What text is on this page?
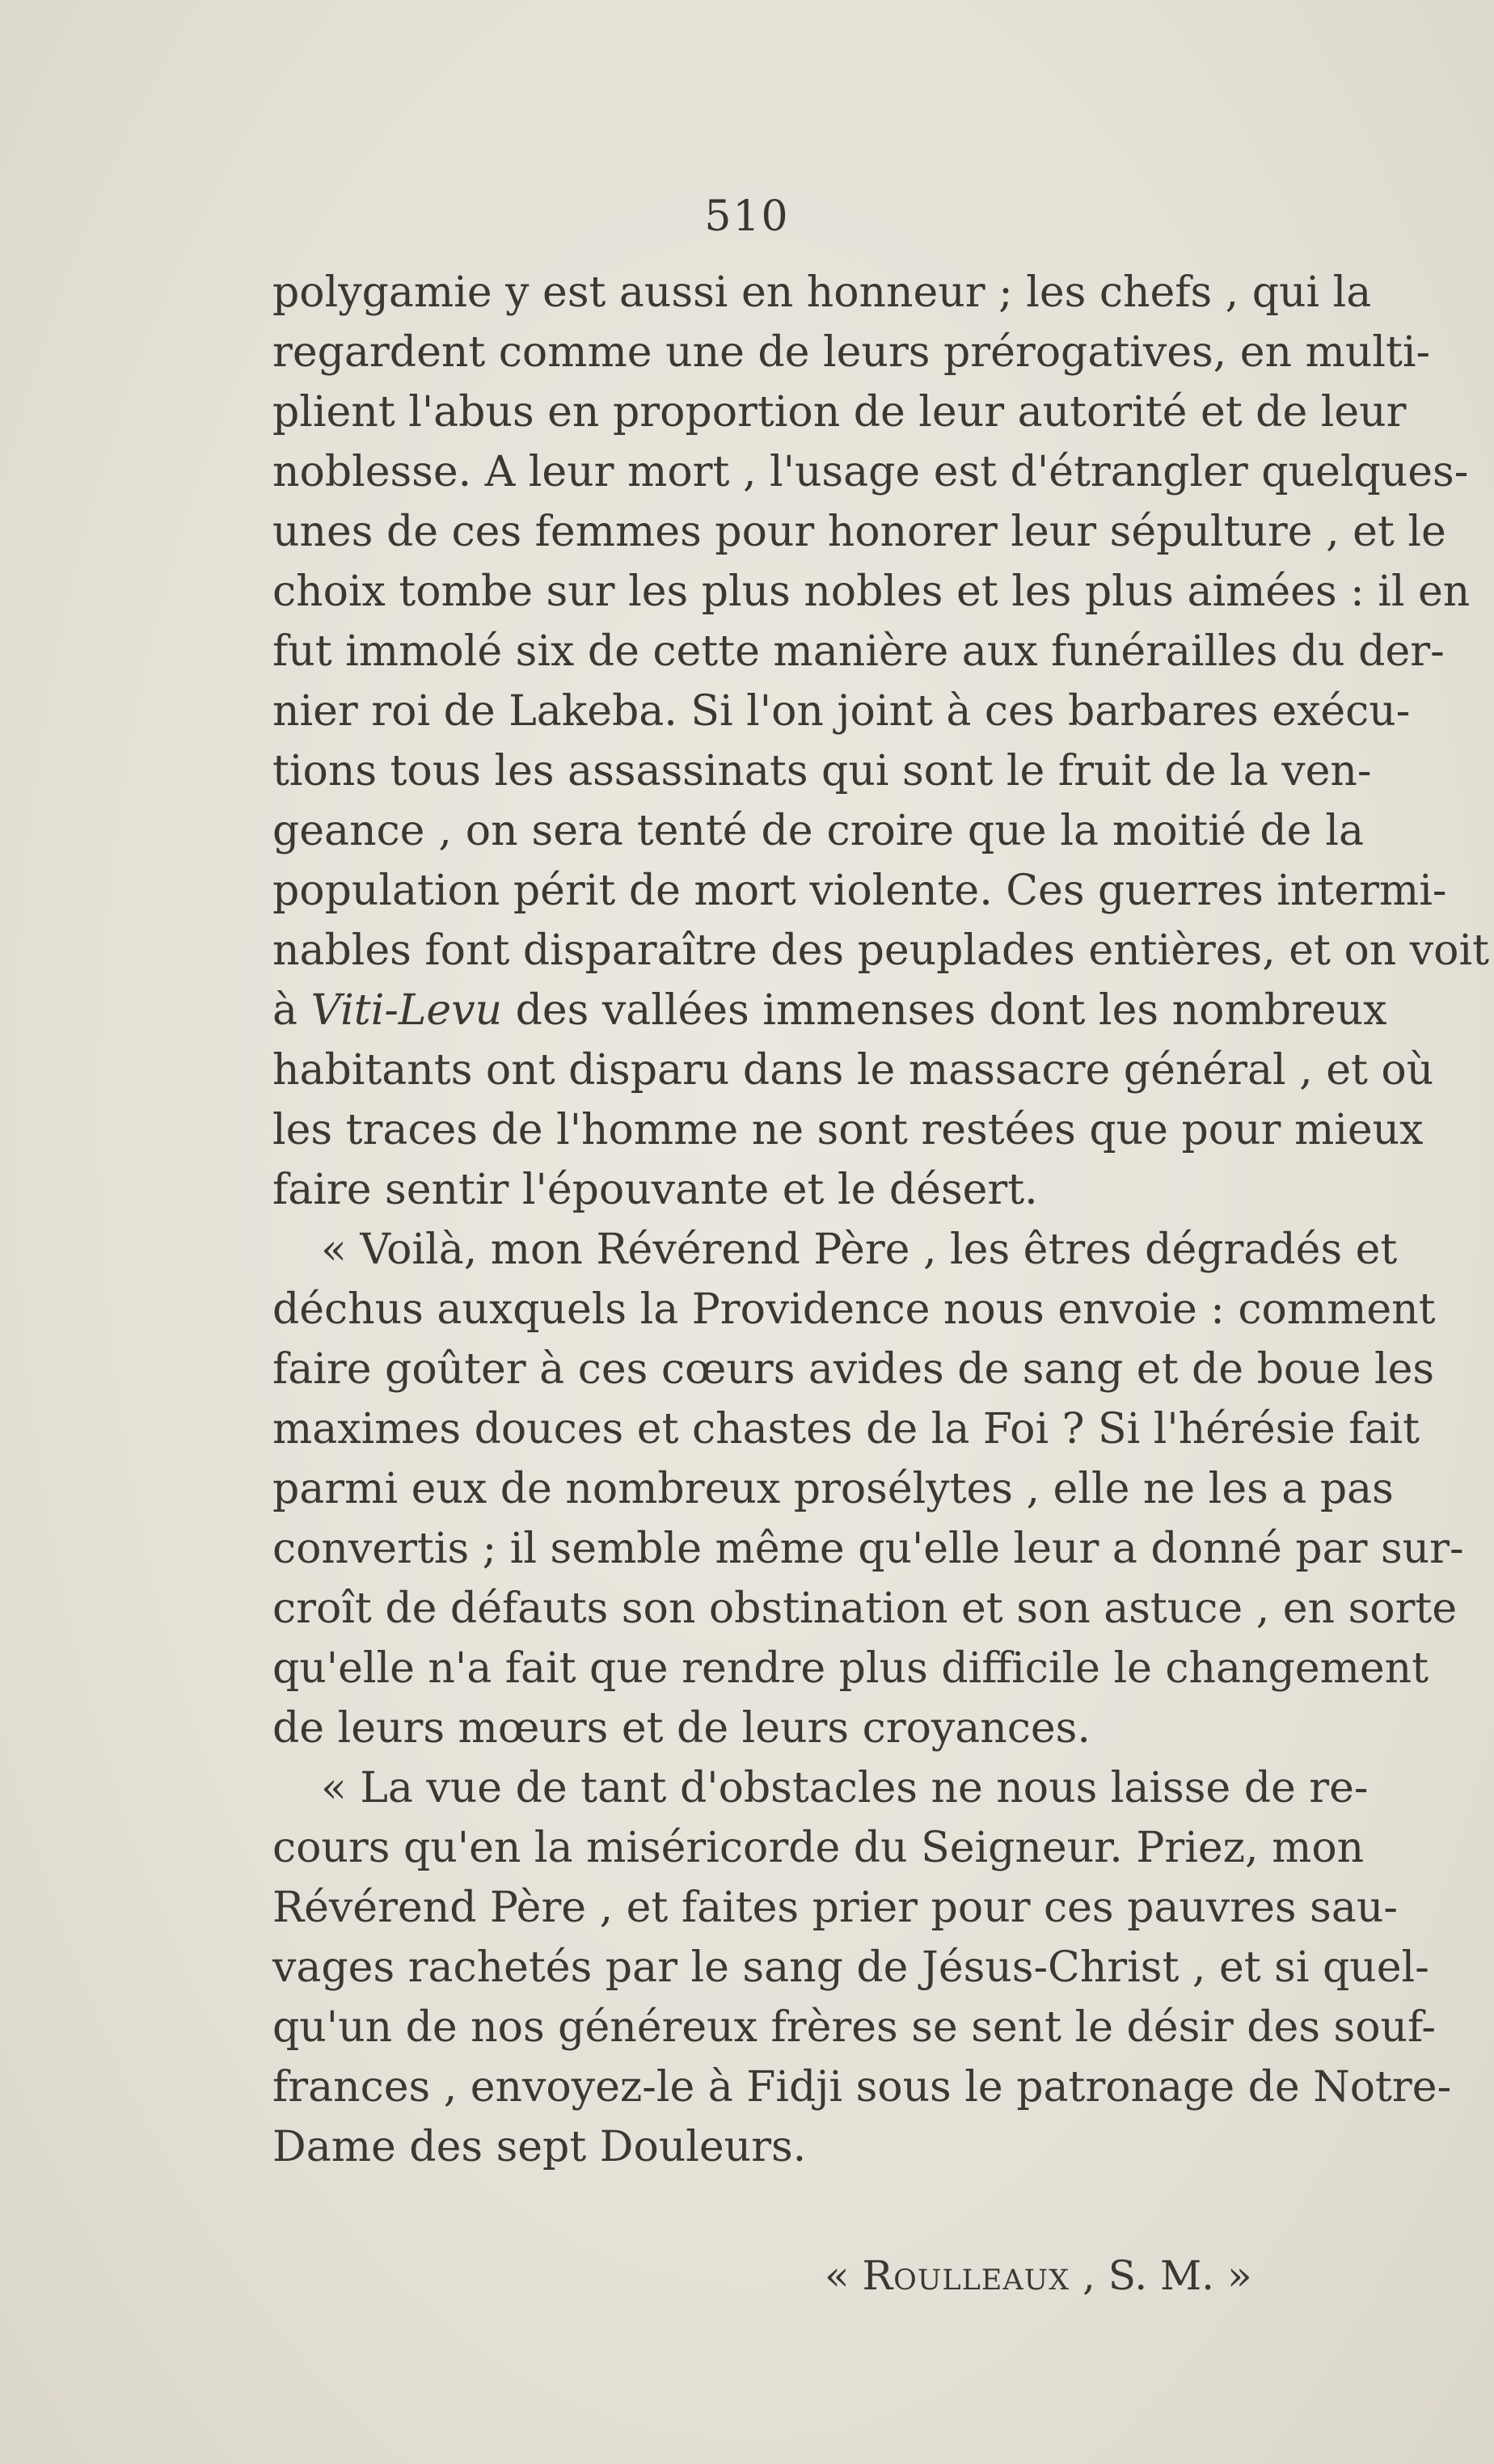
510
polygamie y est aussi en honneur ; les chefs , qui la
regardent comme une de leurs prérogatives, en multi-
plient l'abus en proportion de leur autorité et de leur
noblesse. A leur mort , l'usage est d'étrangler quelques-
unes de ces femmes pour honorer leur sépulture , et le
choix tombe sur les plus nobles et les plus aimées : il en
fut immolé six de cette manière aux funérailles du der-
nier roi de Lakeba. Si l'on joint à ces barbares exécu-
tions tous les assassinats qui sont le fruit de la ven-
geance , on sera tenté de croire que la moitié de la
population périt de mort violente. Ces guerres intermi-
nables font disparaître des peuplades entières, et on voit
à Viti-Levu des vallées immenses dont les nombreux
habitants ont disparu dans le massacre général , et où
les traces de l'homme ne sont restées que pour mieux
faire sentir l'épouvante et le désert.
« Voilà, mon Révérend Père , les êtres dégradés et
déchus auxquels la Providence nous envoie : comment
faire goûter à ces cœurs avides de sang et de boue les
maximes douces et chastes de la Foi ? Si l'hérésie fait
parmi eux de nombreux prosélytes , elle ne les a pas
convertis ; il semble même qu'elle leur a donné par sur-
croît de défauts son obstination et son astuce , en sorte
qu'elle n'a fait que rendre plus difficile le changement
de leurs mœurs et de leurs croyances.
« La vue de tant d'obstacles ne nous laisse de re-
cours qu'en la miséricorde du Seigneur. Priez, mon
Révérend Père , et faites prier pour ces pauvres sau-
vages rachetés par le sang de Jésus-Christ , et si quel-
qu'un de nos généreux frères se sent le désir des souf-
frances , envoyez-le à Fidji sous le patronage de Notre-
Dame des sept Douleurs.
« Roulleaux , S. M. »
